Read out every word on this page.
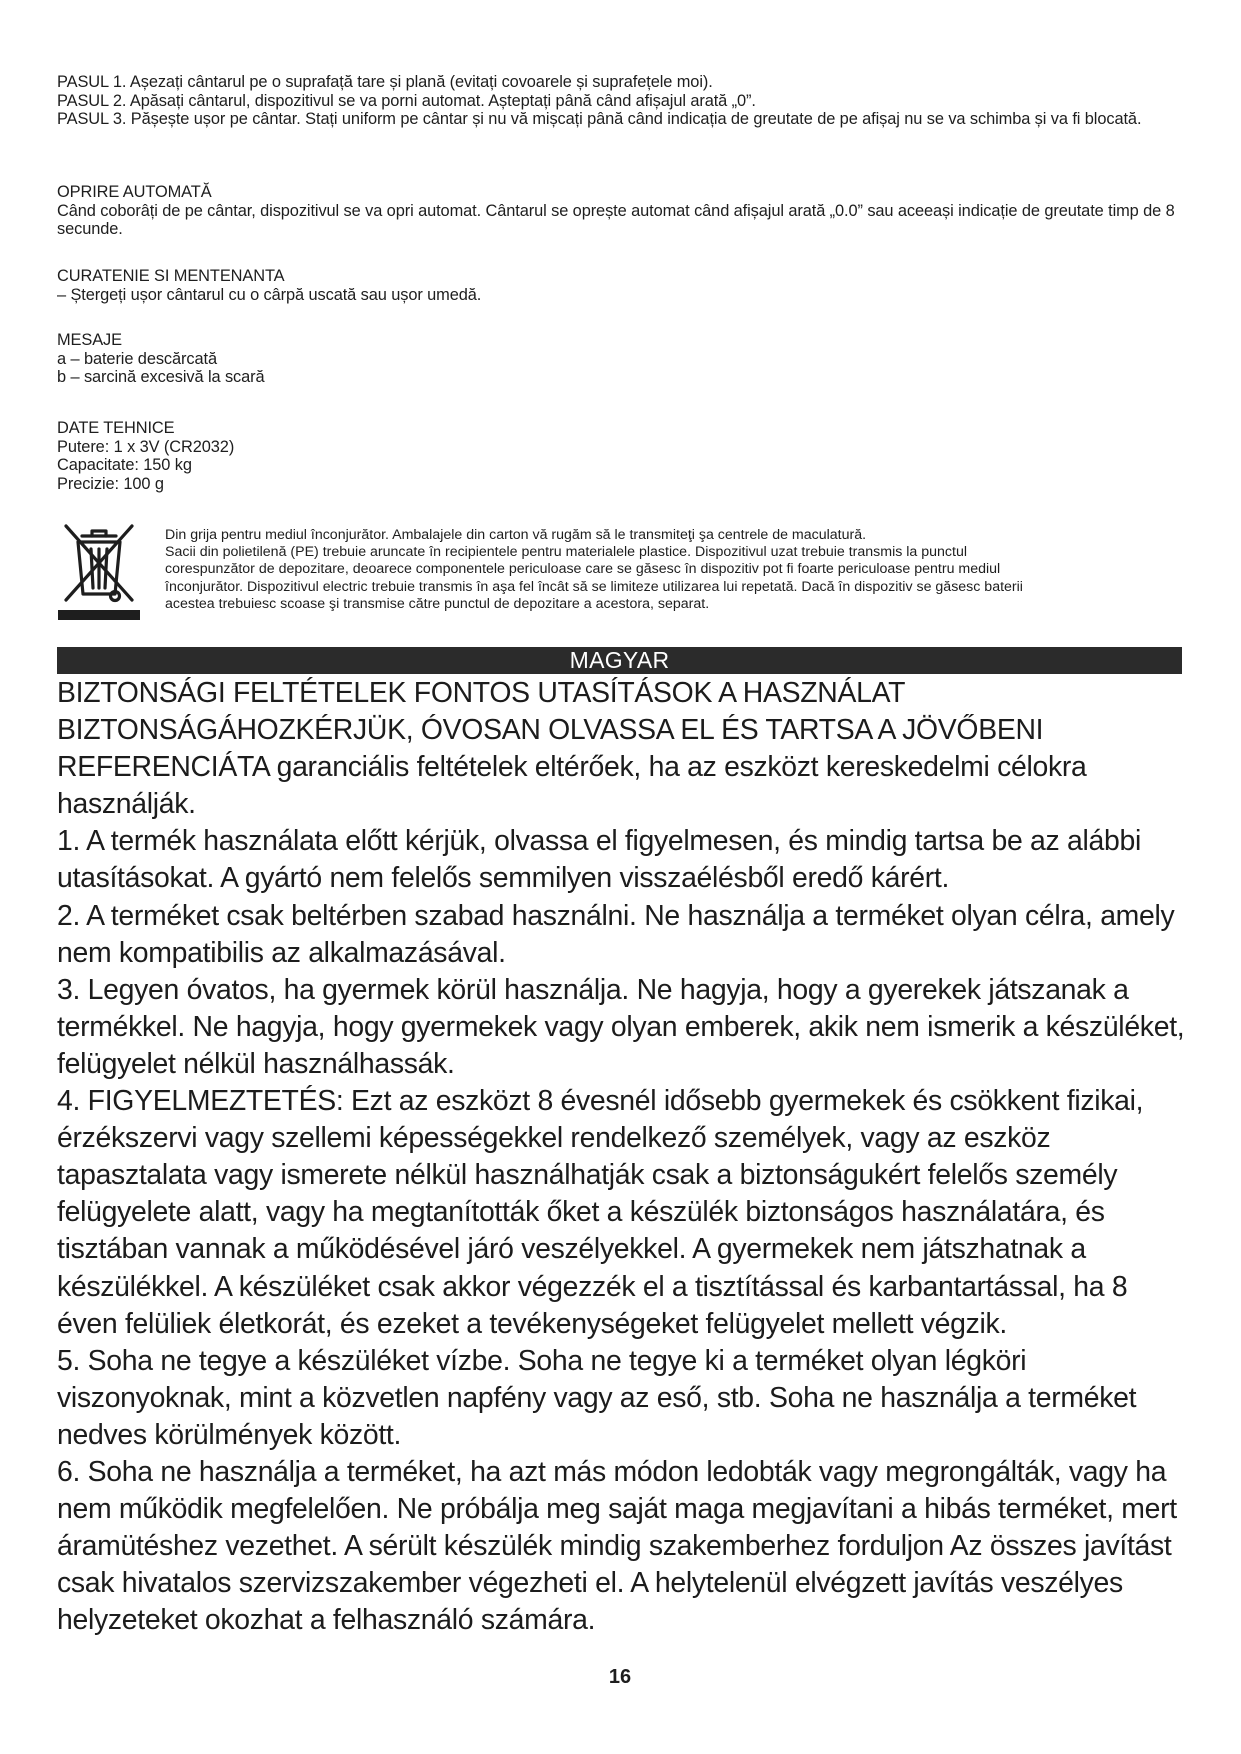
PASUL 1. Așezați cântarul pe o suprafață tare și plană (evitați covoarele și suprafețele moi).

PASUL 2. Apăsați cântarul, dispozitivul se va porni automat. Așteptați până când afișajul arată „0”.

PASUL 3. Pășește ușor pe cântar. Stați uniform pe cântar și nu vă mișcați până când indicația de greutate de pe afișaj nu se va schimba și va fi blocată.

OPRIRE AUTOMATĂ

Când coborâți de pe cântar, dispozitivul se va opri automat. Cântarul se oprește automat când afișajul arată „0.0” sau aceeași indicație de greutate timp de 8 secunde.

CURATENIE SI MENTENANTA

– Ștergeți ușor cântarul cu o cârpă uscată sau ușor umedă.

MESAJE

a – baterie descărcată

b – sarcină excesivă la scară

DATE TEHNICE

Putere: 1 x 3V (CR2032)

Capacitate: 150 kg

Precizie: 100 g

Din grija pentru mediul înconjurător. Ambalajele din carton vă rugăm să le transmiteţi şa centrele de maculatură.

Sacii din polietilenă (PE) trebuie aruncate în recipientele pentru materialele plastice. Dispozitivul uzat trebuie transmis la punctul

corespunzător de depozitare, deoarece componentele periculoase care se găsesc în dispozitiv pot fi foarte periculoase pentru mediul

înconjurător. Dispozitivul electric trebuie transmis în aşa fel încât să se limiteze utilizarea lui repetată. Dacă în dispozitiv se găsesc baterii

acestea trebuiesc scoase şi transmise către punctul de depozitare a acestora, separat.

MAGYAR

BIZTONSÁGI FELTÉTELEK FONTOS UTASÍTÁSOK A HASZNÁLAT

BIZTONSÁGÁHOZKÉRJÜK, ÓVOSAN OLVASSA EL ÉS TARTSA A JÖVŐBENI

REFERENCIÁTA garanciális feltételek eltérőek, ha az eszközt kereskedelmi célokra

használják.

1. A termék használata előtt kérjük, olvassa el figyelmesen, és mindig tartsa be az alábbi utasításokat. A gyártó nem felelős semmilyen visszaélésből eredő kárért.

2. A terméket csak beltérben szabad használni. Ne használja a terméket olyan célra, amely nem kompatibilis az alkalmazásával.

3. Legyen óvatos, ha gyermek körül használja. Ne hagyja, hogy a gyerekek játszanak a termékkel. Ne hagyja, hogy gyermekek vagy olyan emberek, akik nem ismerik a készüléket, felügyelet nélkül használhassák.

4. FIGYELMEZTETÉS: Ezt az eszközt 8 évesnél idősebb gyermekek és csökkent fizikai, érzékszervi vagy szellemi képességekkel rendelkező személyek, vagy az eszköz tapasztalata vagy ismerete nélkül használhatják csak a biztonságukért felelős személy felügyelete alatt, vagy ha megtanították őket a készülék biztonságos használatára, és tisztában vannak a működésével járó veszélyekkel. A gyermekek nem játszhatnak a készülékkel. A készüléket csak akkor végezzék el a tisztítással és karbantartással, ha 8 éven felüliek életkorát, és ezeket a tevékenységeket felügyelet mellett végzik.

5. Soha ne tegye a készüléket vízbe. Soha ne tegye ki a terméket olyan légköri viszonyoknak, mint a közvetlen napfény vagy az eső, stb. Soha ne használja a terméket nedves körülmények között.

6. Soha ne használja a terméket, ha azt más módon ledobták vagy megrongálták, vagy ha nem működik megfelelően. Ne próbálja meg saját maga megjavítani a hibás terméket, mert áramütéshez vezethet. A sérült készülék mindig szakemberhez forduljon Az összes javítást csak hivatalos szervizszakember végezheti el. A helytelenül elvégzett javítás veszélyes helyzeteket okozhat a felhasználó számára.

16
